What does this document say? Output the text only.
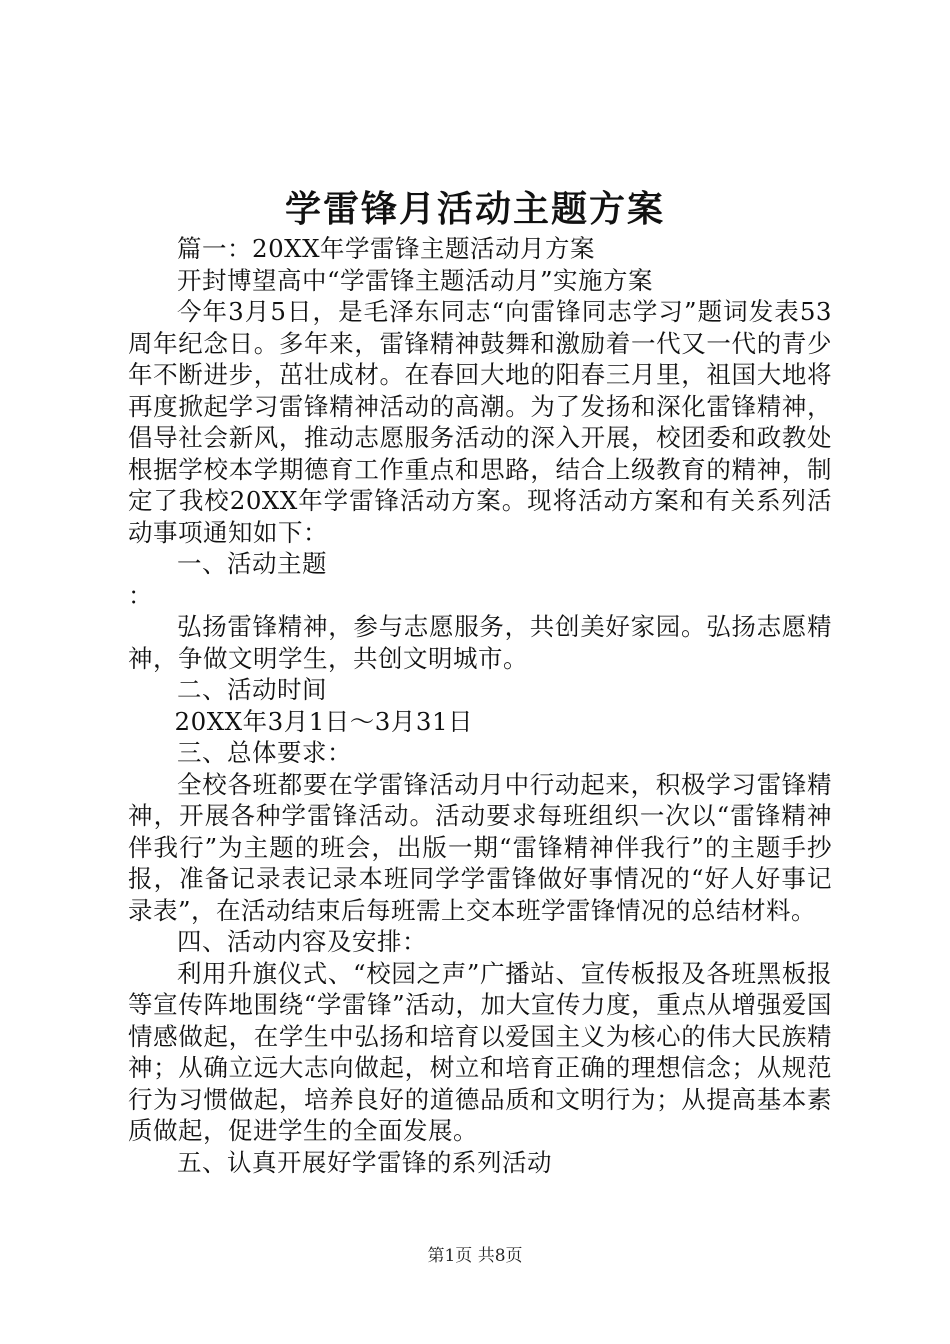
学雷锋月活动主题方案

篇一：20XX年学雷锋主题活动月方案

开封博望高中“学雷锋主题活动月”实施方案

今年3月5日，是毛泽东同志“向雷锋同志学习”题词发表53周年纪念日。多年来，雷锋精神鼓舞和激励着一代又一代的青少年不断进步，茁壮成材。在春回大地的阳春三月里，祖国大地将再度掀起学习雷锋精神活动的高潮。为了发扬和深化雷锋精神，倡导社会新风，推动志愿服务活动的深入开展，校团委和政教处根据学校本学期德育工作重点和思路，结合上级教育的精神，制定了我校20XX年学雷锋活动方案。现将活动方案和有关系列活动事项通知如下：

一、活动主题

：

弘扬雷锋精神，参与志愿服务，共创美好家园。弘扬志愿精神，争做文明学生，共创文明城市。

二、活动时间

20XX年3月1日～3月31日

三、总体要求：

全校各班都要在学雷锋活动月中行动起来，积极学习雷锋精神，开展各种学雷锋活动。活动要求每班组织一次以“雷锋精神伴我行”为主题的班会，出版一期“雷锋精神伴我行”的主题手抄报，准备记录表记录本班同学学雷锋做好事情况的“好人好事记录表”，在活动结束后每班需上交本班学雷锋情况的总结材料。

四、活动内容及安排：

利用升旗仪式、“校园之声”广播站、宣传板报及各班黑板报等宣传阵地围绕“学雷锋”活动，加大宣传力度，重点从增强爱国情感做起，在学生中弘扬和培育以爱国主义为核心的伟大民族精神；从确立远大志向做起，树立和培育正确的理想信念；从规范行为习惯做起，培养良好的道德品质和文明行为；从提高基本素质做起，促进学生的全面发展。

五、认真开展好学雷锋的系列活动

第1页 共8页
